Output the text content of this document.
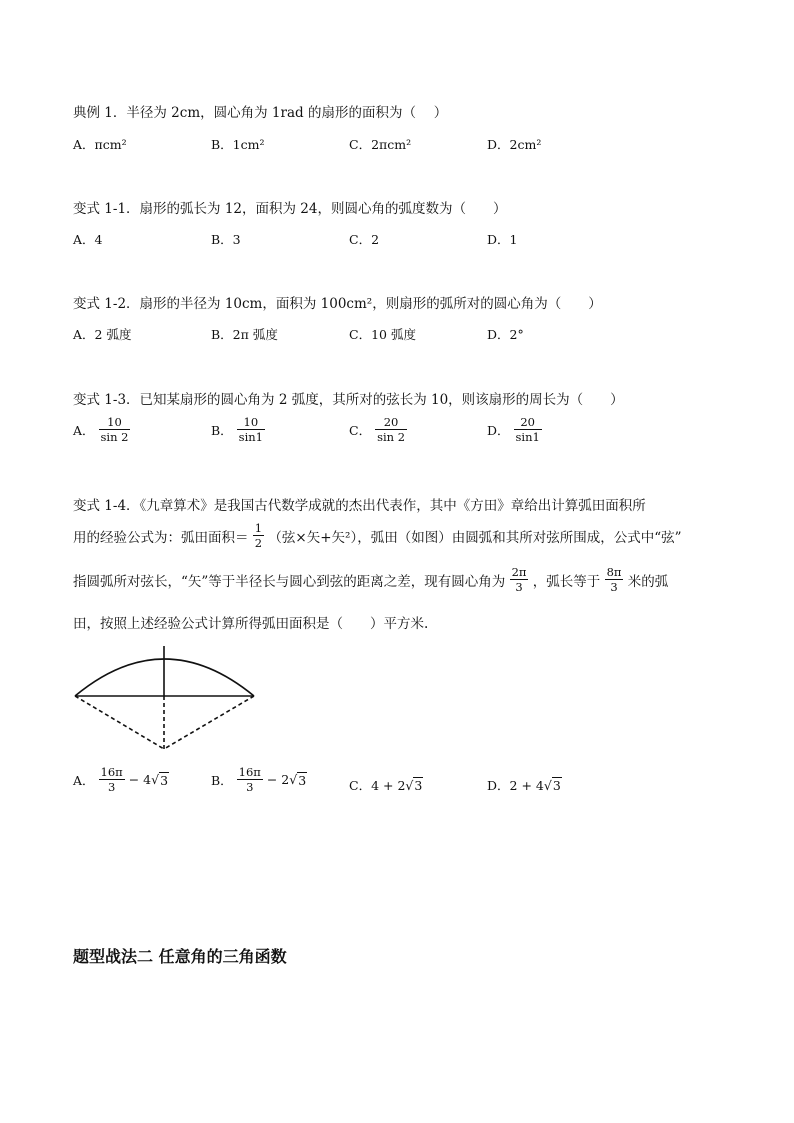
典例 1．半径为 2cm，圆心角为 1rad 的扇形的面积为（　 ）
A．πcm²	B．1cm²	C．2πcm²	D．2cm²
变式 1-1．扇形的弧长为 12，面积为 24，则圆心角的弧度数为（　　）
A．4	B．3	C．2	D．1
变式 1-2．扇形的半径为 10cm，面积为 100cm²，则扇形的弧所对的圆心角为（　　）
A．2 弧度	B．2π 弧度	C．10 弧度	D．2°
变式 1-3．已知某扇形的圆心角为 2 弧度，其所对的弦长为 10，则该扇形的周长为（　　）
A． $\frac{10}{\sin 2}$	B． $\frac{10}{\sin 1}$	C． $\frac{20}{\sin 2}$	D． $\frac{20}{\sin 1}$
变式 1-4．《九章算术》是我国古代数学成就的杰出代表作，其中《方田》章给出计算弧田面积所
用的经验公式为：弧田面积＝ $\frac{1}{2}$ （弦×矢+矢²），弧田（如图）由圆弧和其所对弦所围成，公式中“弦”
指圆弧所对弦长，“矢”等于半径长与圆心到弦的距离之差，现有圆心角为 $\frac{2\pi}{3}$ ，弧长等于 $\frac{8\pi}{3}$ 米的弧
田，按照上述经验公式计算所得弧田面积是（　　）平方米.
A． $\frac{16\pi}{3} - 4√3$	B． $\frac{16\pi}{3} - 2√3$	C．4 + 2√3	D．2 + 4√3
题型战法二 任意角的三角函数
